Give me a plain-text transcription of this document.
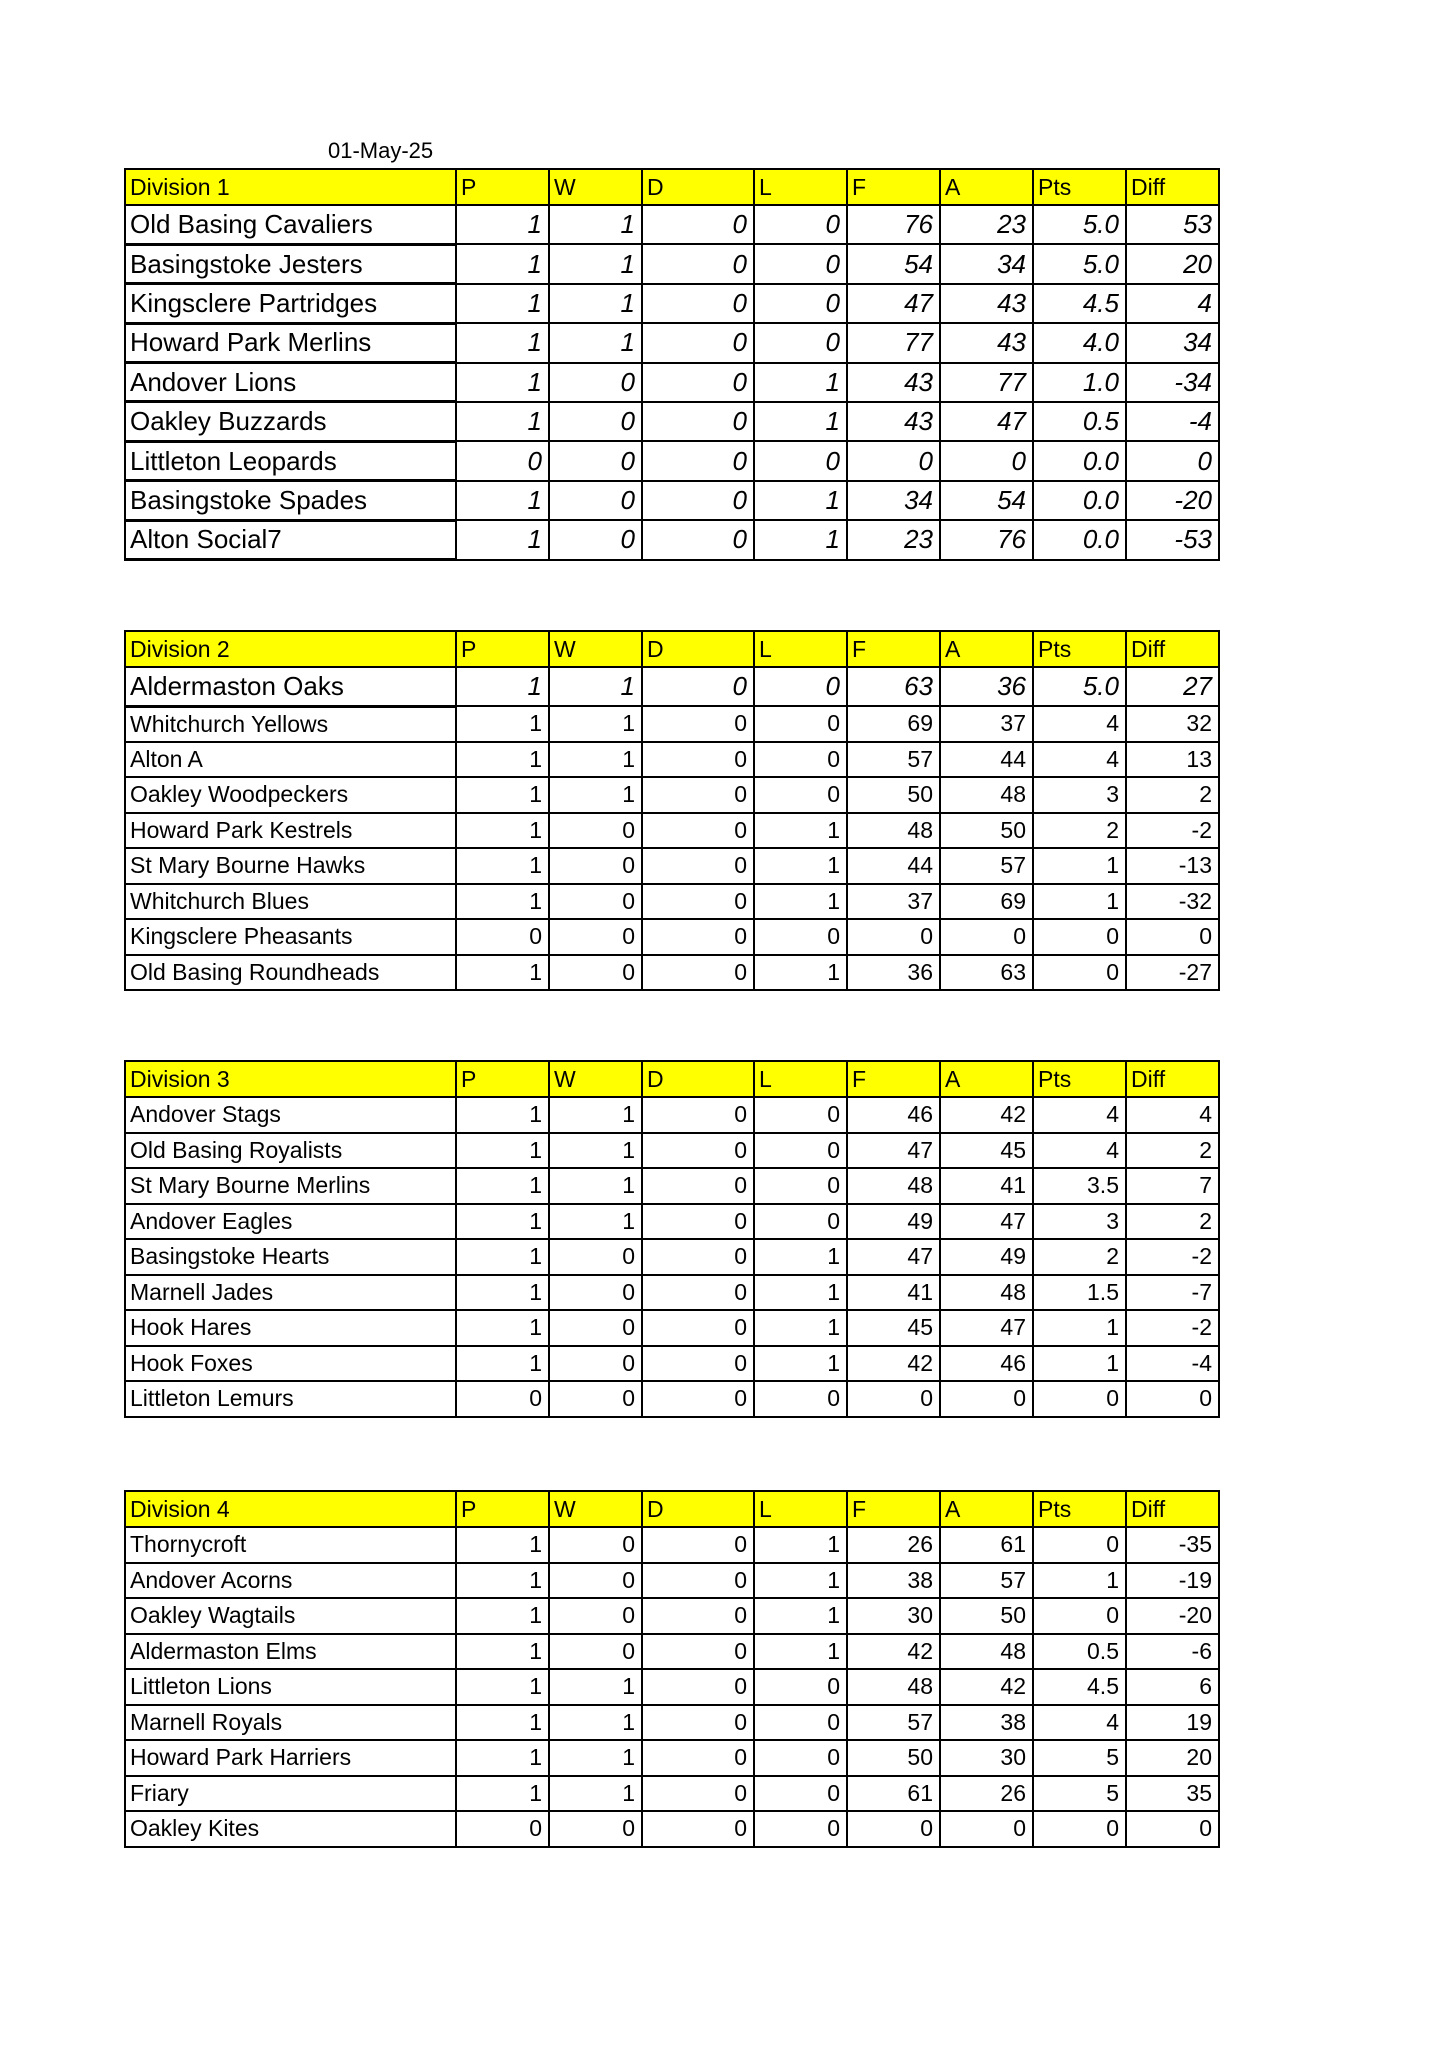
01-May-25
Division 1	P	W	D	L	F	A	Pts	Diff
Old Basing Cavaliers	1	1	0	0	76	23	5.0	53
Basingstoke Jesters	1	1	0	0	54	34	5.0	20
Kingsclere Partridges	1	1	0	0	47	43	4.5	4
Howard Park Merlins	1	1	0	0	77	43	4.0	34
Andover Lions	1	0	0	1	43	77	1.0	-34
Oakley Buzzards	1	0	0	1	43	47	0.5	-4
Littleton Leopards	0	0	0	0	0	0	0.0	0
Basingstoke Spades	1	0	0	1	34	54	0.0	-20
Alton Social7	1	0	0	1	23	76	0.0	-53
Division 2	P	W	D	L	F	A	Pts	Diff
Aldermaston Oaks	1	1	0	0	63	36	5.0	27
Whitchurch Yellows	1	1	0	0	69	37	4	32
Alton A	1	1	0	0	57	44	4	13
Oakley Woodpeckers	1	1	0	0	50	48	3	2
Howard Park Kestrels	1	0	0	1	48	50	2	-2
St Mary Bourne Hawks	1	0	0	1	44	57	1	-13
Whitchurch Blues	1	0	0	1	37	69	1	-32
Kingsclere Pheasants	0	0	0	0	0	0	0	0
Old Basing Roundheads	1	0	0	1	36	63	0	-27
Division 3	P	W	D	L	F	A	Pts	Diff
Andover Stags	1	1	0	0	46	42	4	4
Old Basing Royalists	1	1	0	0	47	45	4	2
St Mary Bourne Merlins	1	1	0	0	48	41	3.5	7
Andover Eagles	1	1	0	0	49	47	3	2
Basingstoke Hearts	1	0	0	1	47	49	2	-2
Marnell Jades	1	0	0	1	41	48	1.5	-7
Hook Hares	1	0	0	1	45	47	1	-2
Hook Foxes	1	0	0	1	42	46	1	-4
Littleton Lemurs	0	0	0	0	0	0	0	0
Division 4	P	W	D	L	F	A	Pts	Diff
Thornycroft	1	0	0	1	26	61	0	-35
Andover Acorns	1	0	0	1	38	57	1	-19
Oakley Wagtails	1	0	0	1	30	50	0	-20
Aldermaston Elms	1	0	0	1	42	48	0.5	-6
Littleton Lions	1	1	0	0	48	42	4.5	6
Marnell Royals	1	1	0	0	57	38	4	19
Howard Park Harriers	1	1	0	0	50	30	5	20
Friary	1	1	0	0	61	26	5	35
Oakley Kites	0	0	0	0	0	0	0	0
